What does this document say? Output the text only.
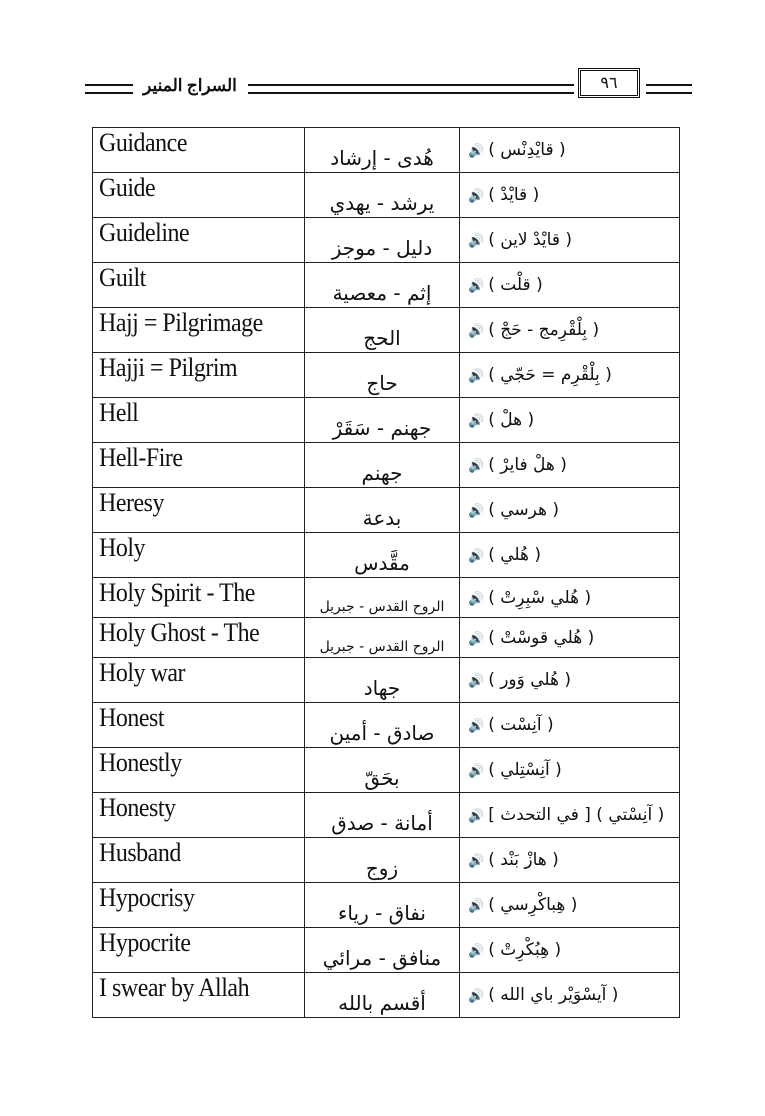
السراج المنير	٩٦
Guidance	هُدى - إرشاد	🔊 ( قايْدِنْس )
Guide	يرشد - يهدي	🔊 ( قايْدْ )
Guideline	دليل - موجز	🔊 ( قايْدْ لاين )
Guilt	إثم - معصية	🔊 ( قلْت )
Hajj = Pilgrimage	الحج	🔊 ( بِلْقْرِمج - حَجْ )
Hajji = Pilgrim	حاج	🔊 ( بِلْقْرِم = حَجّي )
Hell	جهنم - سَقَرْ	🔊 ( هلْ )
Hell-Fire	جهنم	🔊 ( هلْ فايرْ )
Heresy	بدعة	🔊 ( هرسي )
Holy	مقَّدس	🔊 ( هُلي )
Holy Spirit - The	الروح القدس - جبريل	🔊 ( هُلي سْبِرِتْ )
Holy Ghost - The	الروح القدس - جبريل	🔊 ( هُلي قوسْتْ )
Holy war	جهاد	🔊 ( هُلي وَور )
Honest	صادق - أمين	🔊 ( آنِسْت )
Honestly	بحَقّ	🔊 ( آنِسْتِلي )
Honesty	أمانة - صدق	🔊 ( آنِسْتي ) [ في التحدث ]
Husband	زوج	🔊 ( هازْ بَنْد )
Hypocrisy	نفاق - رياء	🔊 ( هِباكْرِسي )
Hypocrite	منافق - مرائي	🔊 ( هِبُكْرِتْ )
I swear by Allah	أقسم بالله	🔊 ( آيسْوَيْر باي الله )
